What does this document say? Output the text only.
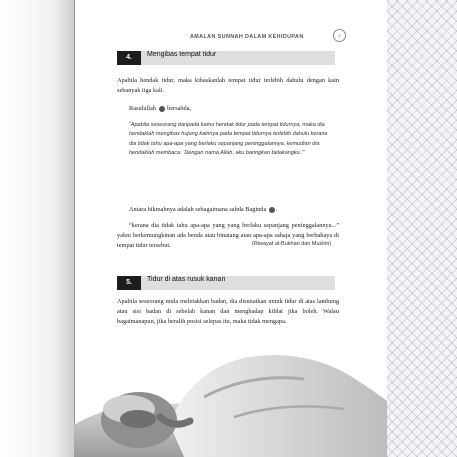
AMALAN SUNNAH DALAM KEHIDUPAN	۞
4.	Mengibas tempat tidur
Apabila hendak tidur, maka kibaskanlah tempat tidur terlebih dahulu dengan kain sebanyak tiga kali.
Rasulullah bersabda,
“Apabila seseorang daripada kamu hendak tidur pada tempat tidurnya, maka dia hendaklah mengibas hujung kainnya pada tempat tidurnya terlebih dahulu kerana dia tidak tahu apa-apa yang berlaku sepanjang peninggalannya, kemudian dia hendaklah membaca: ‘Dengan nama Allah, aku baringkan belakangku.’”
(Riwayat al-Bukhari dan Muslim)
Antara hikmahnya adalah sebagaimana sabda Baginda .
“kerana dia tidak tahu apa-apa yang yang berlaku sepanjang peninggalannya...” yakni berkemungkinan ada benda atau binatang atau apa-apa sahaja yang berbahaya di tempat tidur tersebut.
5.	Tidur di atas rusuk kanan
Apabila seseorang mula meletakkan badan, dia disunatkan untuk tidur di atas lambung atau sisi badan di sebelah kanan dan menghadap kiblat jika boleh. Walau bagaimanapun, jika beralih posisi selepas itu, maka tidak mengapa.
